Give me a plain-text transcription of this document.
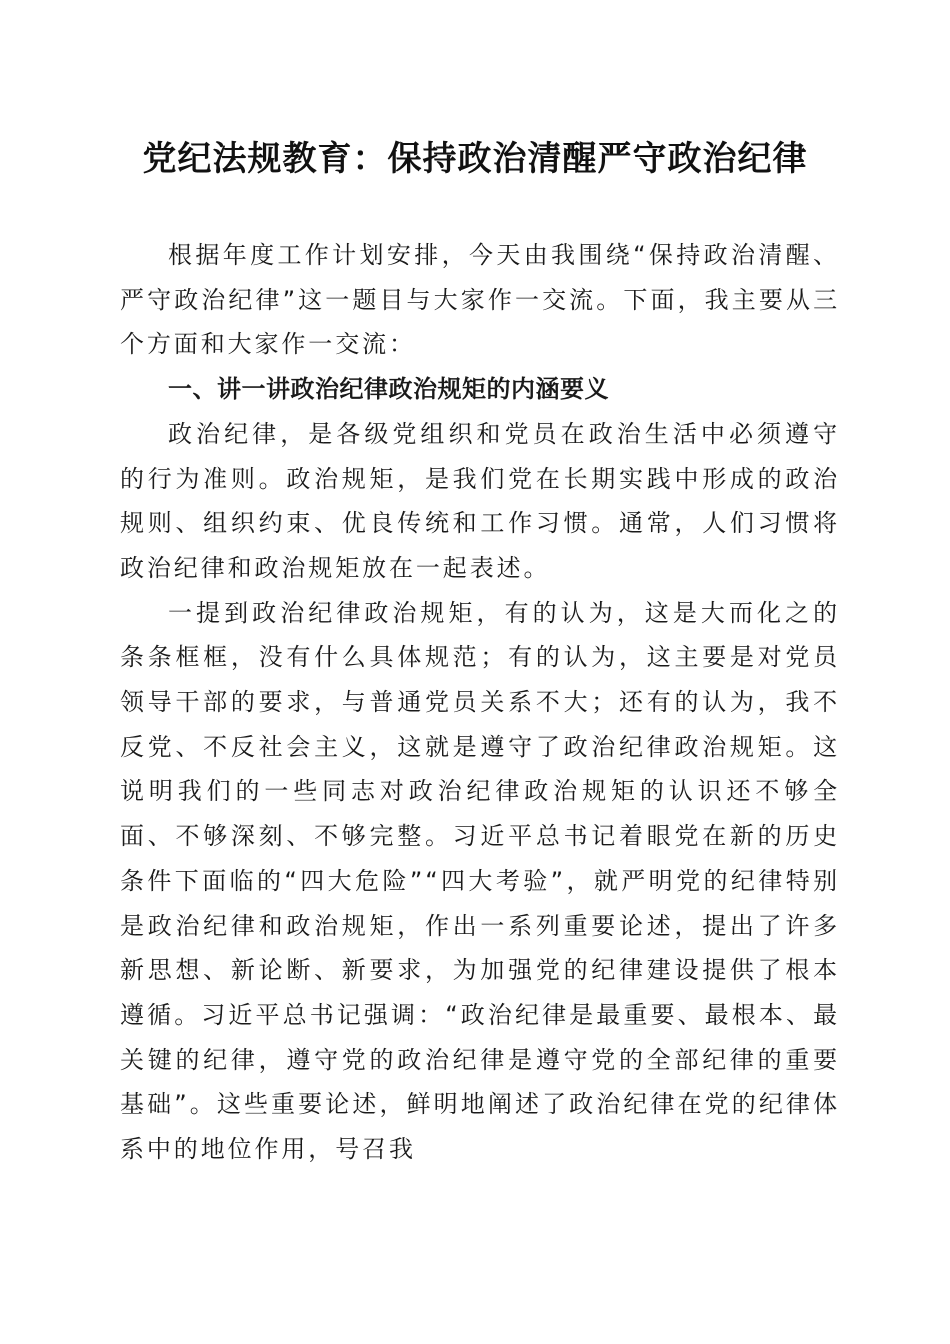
党纪法规教育：保持政治清醒严守政治纪律

根据年度工作计划安排，今天由我围绕“保持政治清醒、严守政治纪律”这一题目与大家作一交流。下面，我主要从三个方面和大家作一交流：

一、讲一讲政治纪律政治规矩的内涵要义

政治纪律，是各级党组织和党员在政治生活中必须遵守的行为准则。政治规矩，是我们党在长期实践中形成的政治规则、组织约束、优良传统和工作习惯。通常，人们习惯将政治纪律和政治规矩放在一起表述。

一提到政治纪律政治规矩，有的认为，这是大而化之的条条框框，没有什么具体规范；有的认为，这主要是对党员领导干部的要求，与普通党员关系不大；还有的认为，我不反党、不反社会主义，这就是遵守了政治纪律政治规矩。这说明我们的一些同志对政治纪律政治规矩的认识还不够全面、不够深刻、不够完整。习近平总书记着眼党在新的历史条件下面临的“四大危险”“四大考验”，就严明党的纪律特别是政治纪律和政治规矩，作出一系列重要论述，提出了许多新思想、新论断、新要求，为加强党的纪律建设提供了根本遵循。习近平总书记强调：“政治纪律是最重要、最根本、最关键的纪律，遵守党的政治纪律是遵守党的全部纪律的重要基础”。这些重要论述，鲜明地阐述了政治纪律在党的纪律体系中的地位作用，号召我
